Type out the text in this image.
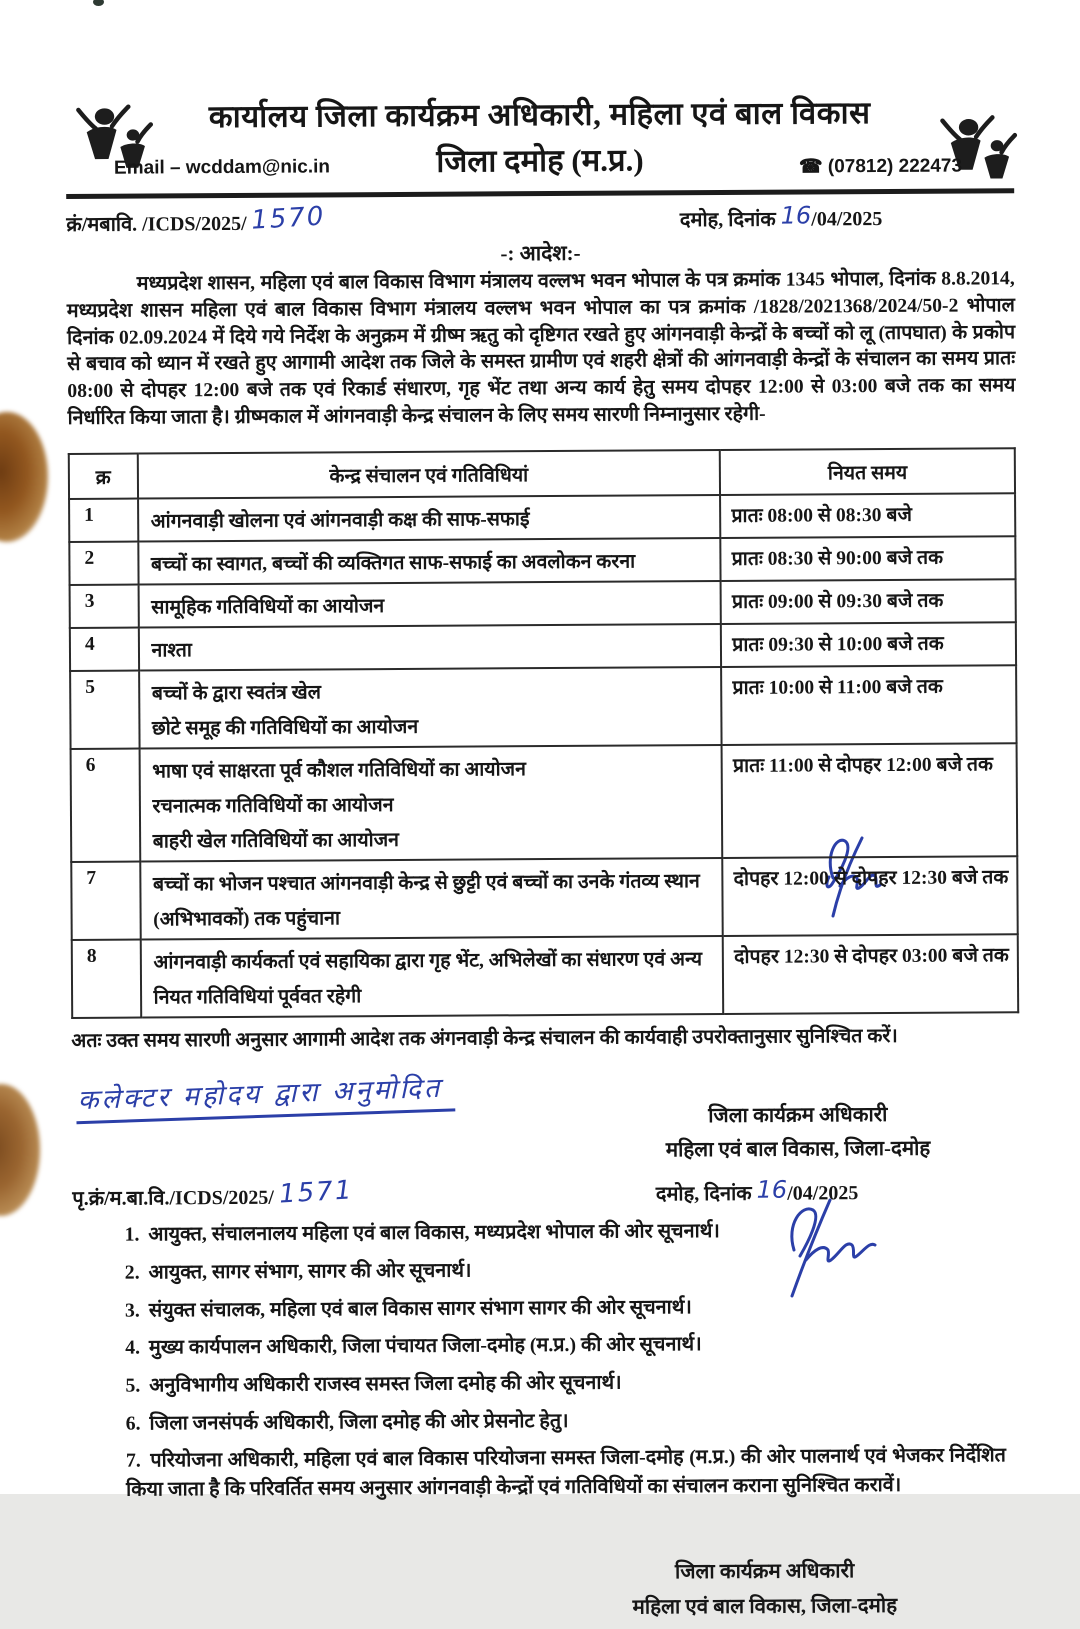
कार्यालय जिला कार्यक्रम अधिकारी, महिला एवं बाल विकास
Email – wcddam@nic.in	जिला दमोह (म.प्र.)	☎ (07812) 222473
क्रं/मबावि. /ICDS/2025/ 1570	दमोह, दिनांक 16/04/2025
-: आदेश:-

मध्यप्रदेश शासन, महिला एवं बाल विकास विभाग मंत्रालय वल्लभ भवन भोपाल के पत्र क्रमांक 1345 भोपाल, दिनांक 8.8.2014, मध्यप्रदेश शासन महिला एवं बाल विकास विभाग मंत्रालय वल्लभ भवन भोपाल का पत्र क्रमांक /1828/2021368/2024/50-2 भोपाल दिनांक 02.09.2024 में दिये गये निर्देश के अनुक्रम में ग्रीष्म ऋतु को दृष्टिगत रखते हुए आंगनवाड़ी केन्द्रों के बच्चों को लू (तापघात) के प्रकोप से बचाव को ध्यान में रखते हुए आगामी आदेश तक जिले के समस्त ग्रामीण एवं शहरी क्षेत्रों की आंगनवाड़ी केन्द्रों के संचालन का समय प्रातः 08:00 से दोपहर 12:00 बजे तक एवं रिकार्ड संधारण, गृह भेंट तथा अन्य कार्य हेतु समय दोपहर 12:00 से 03:00 बजे तक का समय निर्धारित किया जाता है। ग्रीष्मकाल में आंगनवाड़ी केन्द्र संचालन के लिए समय सारणी निम्नानुसार रहेगी-

क्र	केन्द्र संचालन एवं गतिविधियां	नियत समय
1	आंगनवाड़ी खोलना एवं आंगनवाड़ी कक्ष की साफ-सफाई	प्रातः 08:00 से 08:30 बजे
2	बच्चों का स्वागत, बच्चों की व्यक्तिगत साफ-सफाई का अवलोकन करना	प्रातः 08:30 से 90:00 बजे तक
3	सामूहिक गतिविधियों का आयोजन	प्रातः 09:00 से 09:30 बजे तक
4	नाश्ता	प्रातः 09:30 से 10:00 बजे तक
5	बच्चों के द्वारा स्वतंत्र खेल
छोटे समूह की गतिविधियों का आयोजन	प्रातः 10:00 से 11:00 बजे तक
6	भाषा एवं साक्षरता पूर्व कौशल गतिविधियों का आयोजन
रचनात्मक गतिविधियों का आयोजन
बाहरी खेल गतिविधियों का आयोजन	प्रातः 11:00 से दोपहर 12:00 बजे तक
7	बच्चों का भोजन पश्चात आंगनवाड़ी केन्द्र से छुट्टी एवं बच्चों का उनके गंतव्य स्थान
(अभिभावकों) तक पहुंचाना	दोपहर 12:00 से दोपहर 12:30 बजे तक
8	आंगनवाड़ी कार्यकर्ता एवं सहायिका द्वारा गृह भेंट, अभिलेखों का संधारण एवं अन्य
नियत गतिविधियां पूर्ववत रहेगी	दोपहर 12:30 से दोपहर 03:00 बजे तक
अतः उक्त समय सारणी अनुसार आगामी आदेश तक अंगनवाड़ी केन्द्र संचालन की कार्यवाही उपरोक्तानुसार सुनिश्चित करें।
कलेक्टर महोदय द्वारा अनुमोदित	जिला कार्यक्रम अधिकारी
महिला एवं बाल विकास, जिला-दमोह
पृ.क्रं/म.बा.वि./ICDS/2025/ 1571	दमोह, दिनांक 16/04/2025
1. आयुक्त, संचालनालय महिला एवं बाल विकास, मध्यप्रदेश भोपाल की ओर सूचनार्थ।
2. आयुक्त, सागर संभाग, सागर की ओर सूचनार्थ।
3. संयुक्त संचालक, महिला एवं बाल विकास सागर संभाग सागर की ओर सूचनार्थ।
4. मुख्य कार्यपालन अधिकारी, जिला पंचायत जिला-दमोह (म.प्र.) की ओर सूचनार्थ।
5. अनुविभागीय अधिकारी राजस्व समस्त जिला दमोह की ओर सूचनार्थ।
6. जिला जनसंपर्क अधिकारी, जिला दमोह की ओर प्रेसनोट हेतु।
7. परियोजना अधिकारी, महिला एवं बाल विकास परियोजना समस्त जिला-दमोह (म.प्र.) की ओर पालनार्थ एवं भेजकर निर्देशित किया जाता है कि परिवर्तित समय अनुसार आंगनवाड़ी केन्द्रों एवं गतिविधियों का संचालन कराना सुनिश्चित करावें।
जिला कार्यक्रम अधिकारी
महिला एवं बाल विकास, जिला-दमोह
